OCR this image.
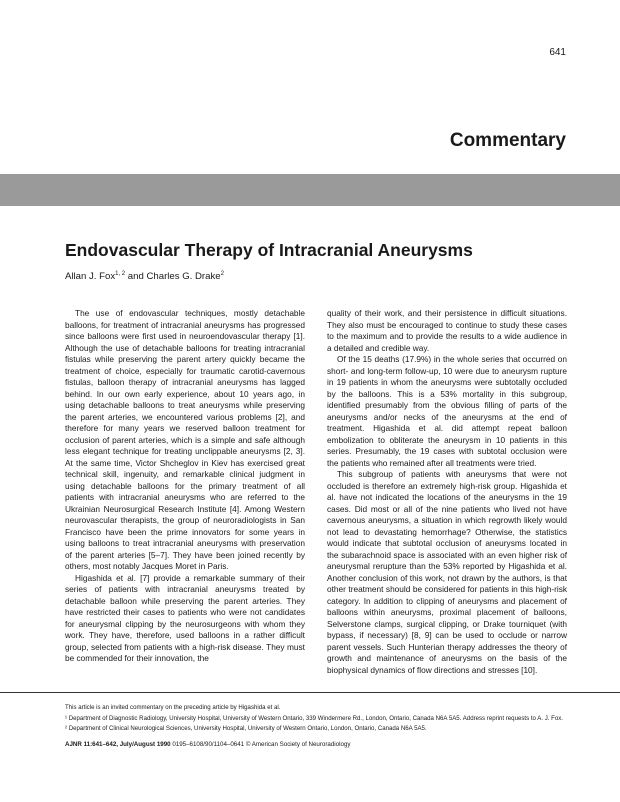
641
Commentary
Endovascular Therapy of Intracranial Aneurysms
Allan J. Fox$^{1, 2}$ and Charles G. Drake$^2$

The use of endovascular techniques, mostly detachable balloons, for treatment of intracranial aneurysms has progressed since balloons were first used in neuroendovascular therapy [1]. Although the use of detachable balloons for treating intracranial fistulas while preserving the parent artery quickly became the treatment of choice, especially for traumatic carotid-cavernous fistulas, balloon therapy of intracranial aneurysms has lagged behind. In our own early experience, about 10 years ago, in using detachable balloons to treat aneurysms while preserving the parent arteries, we encountered various problems [2], and therefore for many years we reserved balloon treatment for occlusion of parent arteries, which is a simple and safe although less elegant technique for treating unclippable aneurysms [2, 3]. At the same time, Victor Shcheglov in Kiev has exercised great technical skill, ingenuity, and remarkable clinical judgment in using detachable balloons for the primary treatment of all patients with intracranial aneurysms who are referred to the Ukrainian Neurosurgical Research Institute [4]. Among Western neurovascular therapists, the group of neuroradiologists in San Francisco have been the prime innovators for some years in using balloons to treat intracranial aneurysms with preservation of the parent arteries [5–7]. They have been joined recently by others, most notably Jacques Moret in Paris.

Higashida et al. [7] provide a remarkable summary of their series of patients with intracranial aneurysms treated by detachable balloon while preserving the parent arteries. They have restricted their cases to patients who were not candidates for aneurysmal clipping by the neurosurgeons with whom they work. They have, therefore, used balloons in a rather difficult group, selected from patients with a high-risk disease. They must be commended for their innovation, the

quality of their work, and their persistence in difficult situations. They also must be encouraged to continue to study these cases to the maximum and to provide the results to a wide audience in a detailed and credible way.

Of the 15 deaths (17.9%) in the whole series that occurred on short- and long-term follow-up, 10 were due to aneurysm rupture in 19 patients in whom the aneurysms were subtotally occluded by the balloons. This is a 53% mortality in this subgroup, identified presumably from the obvious filling of parts of the aneurysms and/or necks of the aneurysms at the end of treatment. Higashida et al. did attempt repeat balloon embolization to obliterate the aneurysm in 10 patients in this series. Presumably, the 19 cases with subtotal occlusion were the patients who remained after all treatments were tried.

This subgroup of patients with aneurysms that were not occluded is therefore an extremely high-risk group. Higashida et al. have not indicated the locations of the aneurysms in the 19 cases. Did most or all of the nine patients who lived not have cavernous aneurysms, a situation in which regrowth likely would not lead to devastating hemorrhage? Otherwise, the statistics would indicate that subtotal occlusion of aneurysms located in the subarachnoid space is associated with an even higher risk of aneurysmal rerupture than the 53% reported by Higashida et al. Another conclusion of this work, not drawn by the authors, is that other treatment should be considered for patients in this high-risk category. In addition to clipping of aneurysms and placement of balloons within aneurysms, proximal placement of balloons, Selverstone clamps, surgical clipping, or Drake tourniquet (with bypass, if necessary) [8, 9] can be used to occlude or narrow parent vessels. Such Hunterian therapy addresses the theory of growth and maintenance of aneurysms on the basis of the biophysical dynamics of flow directions and stresses [10].

This article is an invited commentary on the preceding article by Higashida et al.

¹ Department of Diagnostic Radiology, University Hospital, University of Western Ontario, 339 Windermere Rd., London, Ontario, Canada N6A 5A5. Address reprint requests to A. J. Fox.

² Department of Clinical Neurological Sciences, University Hospital, University of Western Ontario, London, Ontario, Canada N6A 5A5.

AJNR 11:641–642, July/August 1990 0195–6108/90/1104–0641 © American Society of Neuroradiology
